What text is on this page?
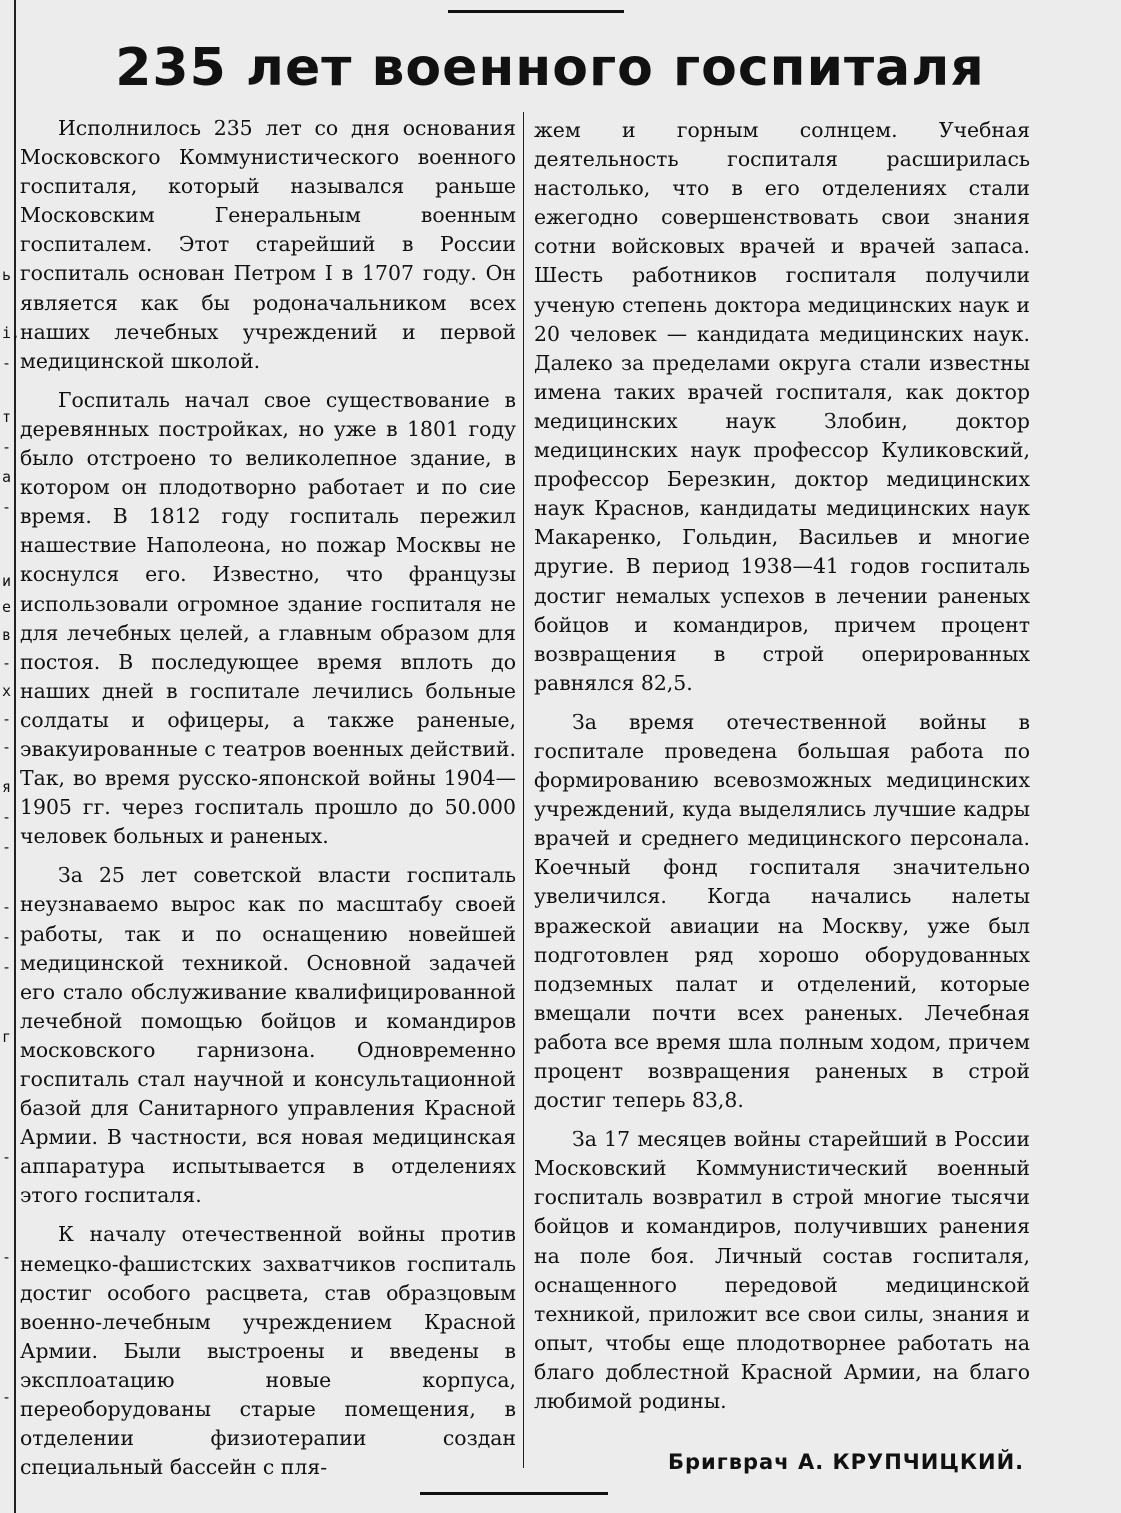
ь
і,
-
т
-
а
-
и
е
в
-
х
-
-
я
-
-
-
-
-
г
-
-
-
235 лет военного госпиталя

Исполнилось 235 лет со дня основания Московского Коммунистического военного госпиталя, который назывался раньше Московским Генеральным военным госпиталем. Этот старейший в России госпиталь основан Петром I в 1707 году. Он является как бы родоначальником всех наших лечебных учреждений и первой медицинской школой.

Госпиталь начал свое существование в деревянных постройках, но уже в 1801 году было отстроено то великолепное здание, в котором он плодотворно работает и по сие время. В 1812 году госпиталь пережил нашествие Наполеона, но пожар Москвы не коснулся его. Известно, что французы использовали огромное здание госпиталя не для лечебных целей, а главным образом для постоя. В последующее время вплоть до наших дней в госпитале лечились больные солдаты и офицеры, а также раненые, эвакуированные с театров военных действий. Так, во время русско-японской войны 1904—1905 гг. через госпиталь прошло до 50.000 человек больных и раненых.

За 25 лет советской власти госпиталь неузнаваемо вырос как по масштабу своей работы, так и по оснащению новейшей медицинской техникой. Основной задачей его стало обслуживание квалифицированной лечебной помощью бойцов и командиров московского гарнизона. Одновременно госпиталь стал научной и консультационной базой для Санитарного управления Красной Армии. В частности, вся новая медицинская аппаратура испытывается в отделениях этого госпиталя.

К началу отечественной войны против немецко-фашистских захватчиков госпиталь достиг особого расцвета, став образцовым военно-лечебным учреждением Красной Армии. Были выстроены и введены в эксплоатацию новые корпуса, переоборудованы старые помещения, в отделении физиотерапии создан специальный бассейн с пля-

жем и горным солнцем. Учебная деятельность госпиталя расширилась настолько, что в его отделениях стали ежегодно совершенствовать свои знания сотни войсковых врачей и врачей запаса. Шесть работников госпиталя получили ученую степень доктора медицинских наук и 20 человек — кандидата медицинских наук. Далеко за пределами округа стали известны имена таких врачей госпиталя, как доктор медицинских наук Злобин, доктор медицинских наук профессор Куликовский, профессор Березкин, доктор медицинских наук Краснов, кандидаты медицинских наук Макаренко, Гольдин, Васильев и многие другие. В период 1938—41 годов госпиталь достиг немалых успехов в лечении раненых бойцов и командиров, причем процент возвращения в строй оперированных равнялся 82,5.

За время отечественной войны в госпитале проведена большая работа по формированию всевозможных медицинских учреждений, куда выделялись лучшие кадры врачей и среднего медицинского персонала. Коечный фонд госпиталя значительно увеличился. Когда начались налеты вражеской авиации на Москву, уже был подготовлен ряд хорошо оборудованных подземных палат и отделений, которые вмещали почти всех раненых. Лечебная работа все время шла полным ходом, причем процент возвращения раненых в строй достиг теперь 83,8.

За 17 месяцев войны старейший в России Московский Коммунистический военный госпиталь возвратил в строй многие тысячи бойцов и командиров, получивших ранения на поле боя. Личный состав госпиталя, оснащенного передовой медицинской техникой, приложит все свои силы, знания и опыт, чтобы еще плодотворнее работать на благо доблестной Красной Армии, на благо любимой родины.

Бригврач А. КРУПЧИЦКИЙ.
